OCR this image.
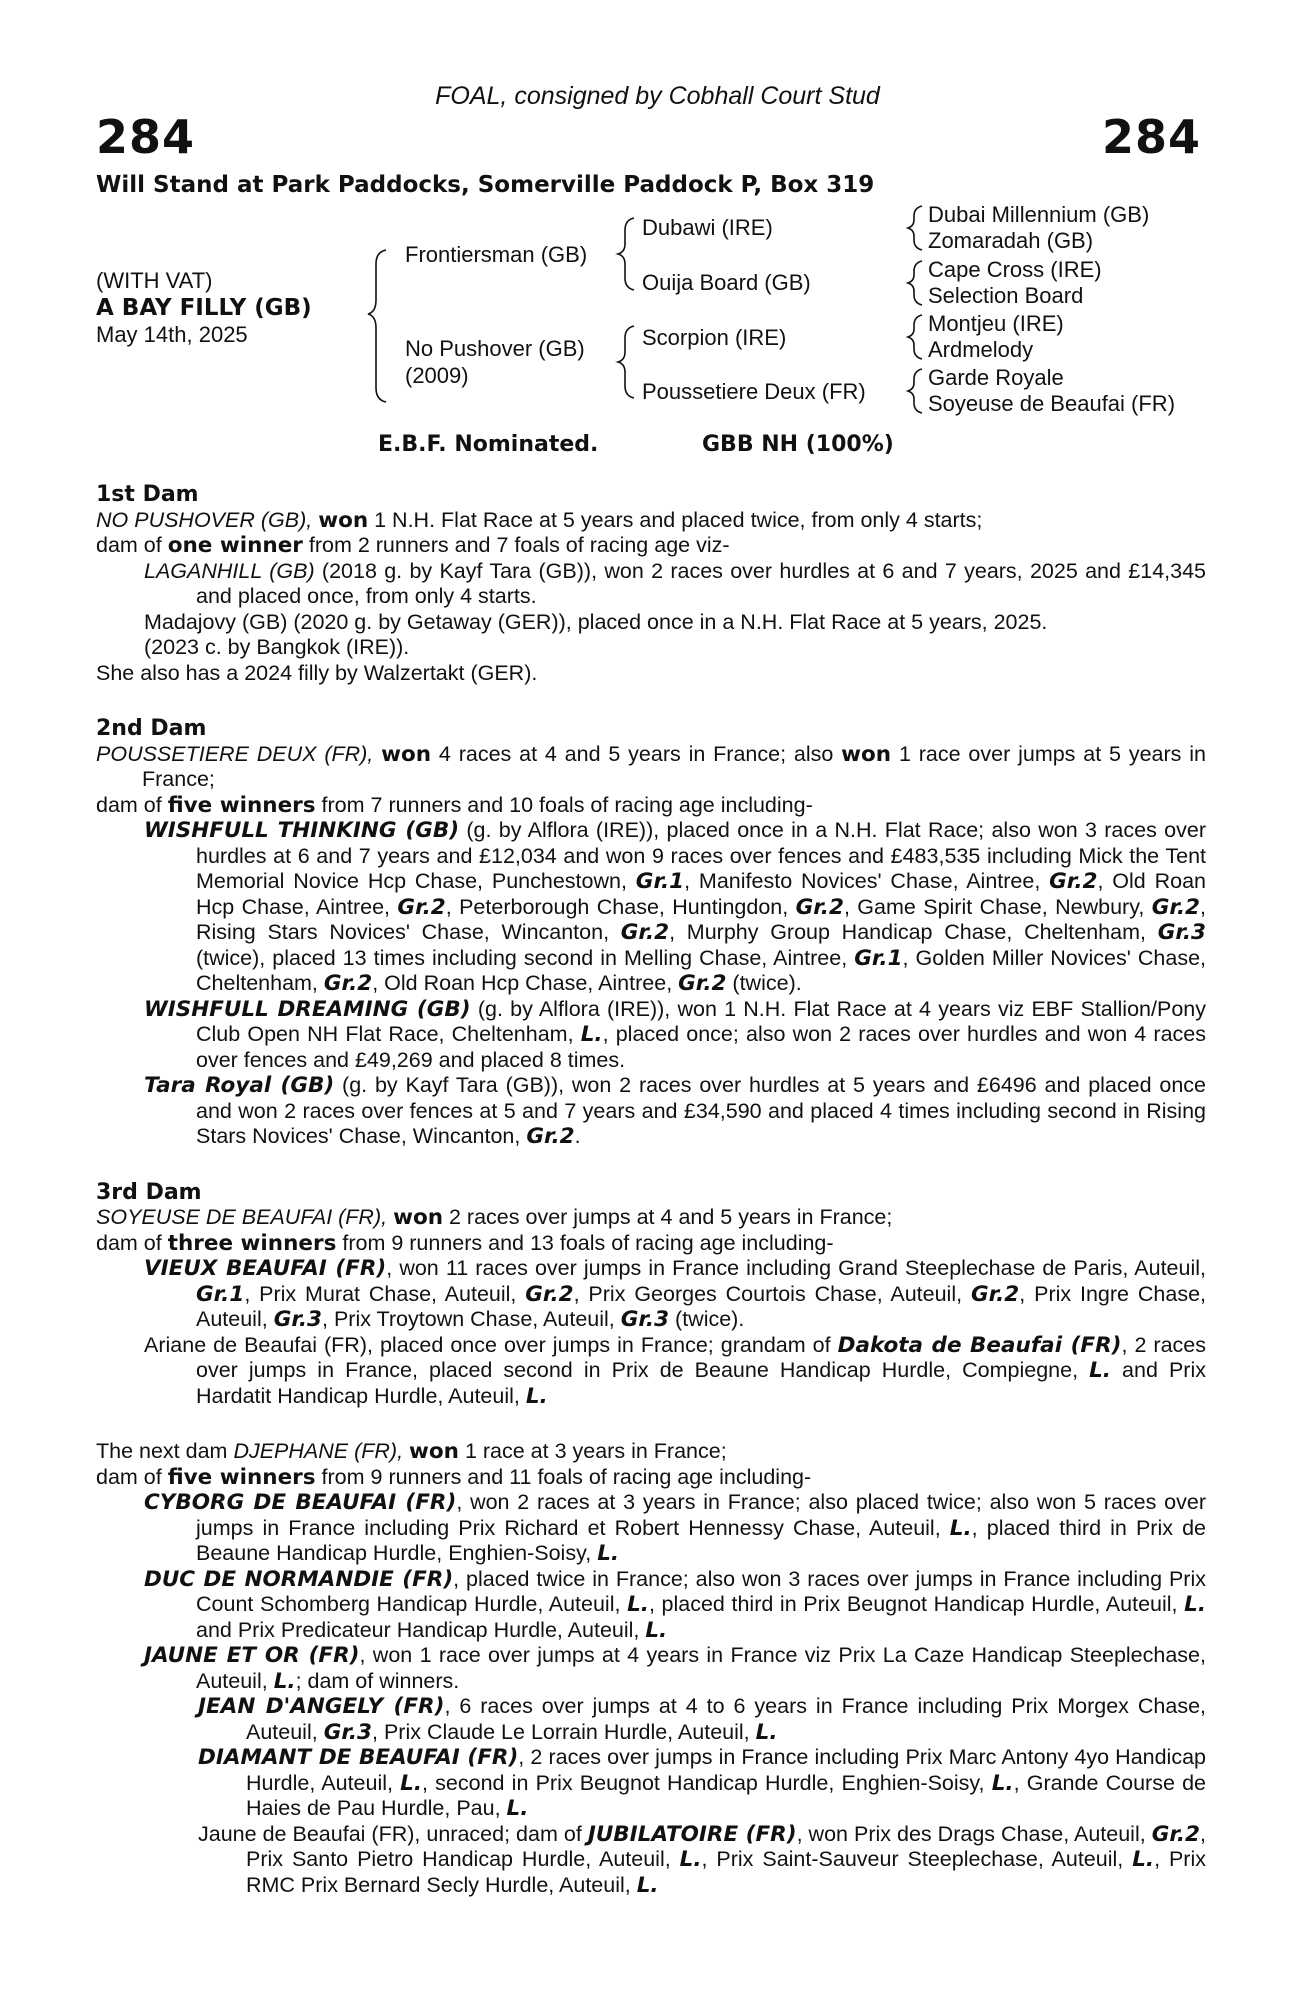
FOAL, consigned by Cobhall Court Stud
284	284
Will Stand at Park Paddocks, Somerville Paddock P, Box 319
(WITH VAT)
A BAY FILLY (GB)
May 14th, 2025
Frontiersman (GB)
No Pushover (GB)
(2009)
Dubawi (IRE)
Ouija Board (GB)
Scorpion (IRE)
Poussetiere Deux (FR)
Dubai Millennium (GB)
Zomaradah (GB)
Cape Cross (IRE)
Selection Board
Montjeu (IRE)
Ardmelody
Garde Royale
Soyeuse de Beaufai (FR)
E.B.F. Nominated.	GBB NH (100%)
1st Dam
NO PUSHOVER (GB), won 1 N.H. Flat Race at 5 years and placed twice, from only 4 starts;
dam of one winner from 2 runners and 7 foals of racing age viz-
LAGANHILL (GB) (2018 g. by Kayf Tara (GB)), won 2 races over hurdles at 6 and 7 years, 2025 and £14,345 and placed once, from only 4 starts.
Madajovy (GB) (2020 g. by Getaway (GER)), placed once in a N.H. Flat Race at 5 years, 2025.
(2023 c. by Bangkok (IRE)).
She also has a 2024 filly by Walzertakt (GER).
2nd Dam
POUSSETIERE DEUX (FR), won 4 races at 4 and 5 years in France; also won 1 race over jumps at 5 years in France;
dam of five winners from 7 runners and 10 foals of racing age including-
WISHFULL THINKING (GB) (g. by Alflora (IRE)), placed once in a N.H. Flat Race; also won 3 races over hurdles at 6 and 7 years and £12,034 and won 9 races over fences and £483,535 including Mick the Tent Memorial Novice Hcp Chase, Punchestown, Gr.1, Manifesto Novices' Chase, Aintree, Gr.2, Old Roan Hcp Chase, Aintree, Gr.2, Peterborough Chase, Huntingdon, Gr.2, Game Spirit Chase, Newbury, Gr.2, Rising Stars Novices' Chase, Wincanton, Gr.2, Murphy Group Handicap Chase, Cheltenham, Gr.3 (twice), placed 13 times including second in Melling Chase, Aintree, Gr.1, Golden Miller Novices' Chase, Cheltenham, Gr.2, Old Roan Hcp Chase, Aintree, Gr.2 (twice).
WISHFULL DREAMING (GB) (g. by Alflora (IRE)), won 1 N.H. Flat Race at 4 years viz EBF Stallion/Pony Club Open NH Flat Race, Cheltenham, L., placed once; also won 2 races over hurdles and won 4 races over fences and £49,269 and placed 8 times.
Tara Royal (GB) (g. by Kayf Tara (GB)), won 2 races over hurdles at 5 years and £6496 and placed once and won 2 races over fences at 5 and 7 years and £34,590 and placed 4 times including second in Rising Stars Novices' Chase, Wincanton, Gr.2.
3rd Dam
SOYEUSE DE BEAUFAI (FR), won 2 races over jumps at 4 and 5 years in France;
dam of three winners from 9 runners and 13 foals of racing age including-
VIEUX BEAUFAI (FR), won 11 races over jumps in France including Grand Steeplechase de Paris, Auteuil, Gr.1, Prix Murat Chase, Auteuil, Gr.2, Prix Georges Courtois Chase, Auteuil, Gr.2, Prix Ingre Chase, Auteuil, Gr.3, Prix Troytown Chase, Auteuil, Gr.3 (twice).
Ariane de Beaufai (FR), placed once over jumps in France; grandam of Dakota de Beaufai (FR), 2 races over jumps in France, placed second in Prix de Beaune Handicap Hurdle, Compiegne, L. and Prix Hardatit Handicap Hurdle, Auteuil, L.
The next dam DJEPHANE (FR), won 1 race at 3 years in France;
dam of five winners from 9 runners and 11 foals of racing age including-
CYBORG DE BEAUFAI (FR), won 2 races at 3 years in France; also placed twice; also won 5 races over jumps in France including Prix Richard et Robert Hennessy Chase, Auteuil, L., placed third in Prix de Beaune Handicap Hurdle, Enghien-Soisy, L.
DUC DE NORMANDIE (FR), placed twice in France; also won 3 races over jumps in France including Prix Count Schomberg Handicap Hurdle, Auteuil, L., placed third in Prix Beugnot Handicap Hurdle, Auteuil, L. and Prix Predicateur Handicap Hurdle, Auteuil, L.
JAUNE ET OR (FR), won 1 race over jumps at 4 years in France viz Prix La Caze Handicap Steeplechase, Auteuil, L.; dam of winners.
JEAN D'ANGELY (FR), 6 races over jumps at 4 to 6 years in France including Prix Morgex Chase, Auteuil, Gr.3, Prix Claude Le Lorrain Hurdle, Auteuil, L.
DIAMANT DE BEAUFAI (FR), 2 races over jumps in France including Prix Marc Antony 4yo Handicap Hurdle, Auteuil, L., second in Prix Beugnot Handicap Hurdle, Enghien-Soisy, L., Grande Course de Haies de Pau Hurdle, Pau, L.
Jaune de Beaufai (FR), unraced; dam of JUBILATOIRE (FR), won Prix des Drags Chase, Auteuil, Gr.2, Prix Santo Pietro Handicap Hurdle, Auteuil, L., Prix Saint-Sauveur Steeplechase, Auteuil, L., Prix RMC Prix Bernard Secly Hurdle, Auteuil, L.
